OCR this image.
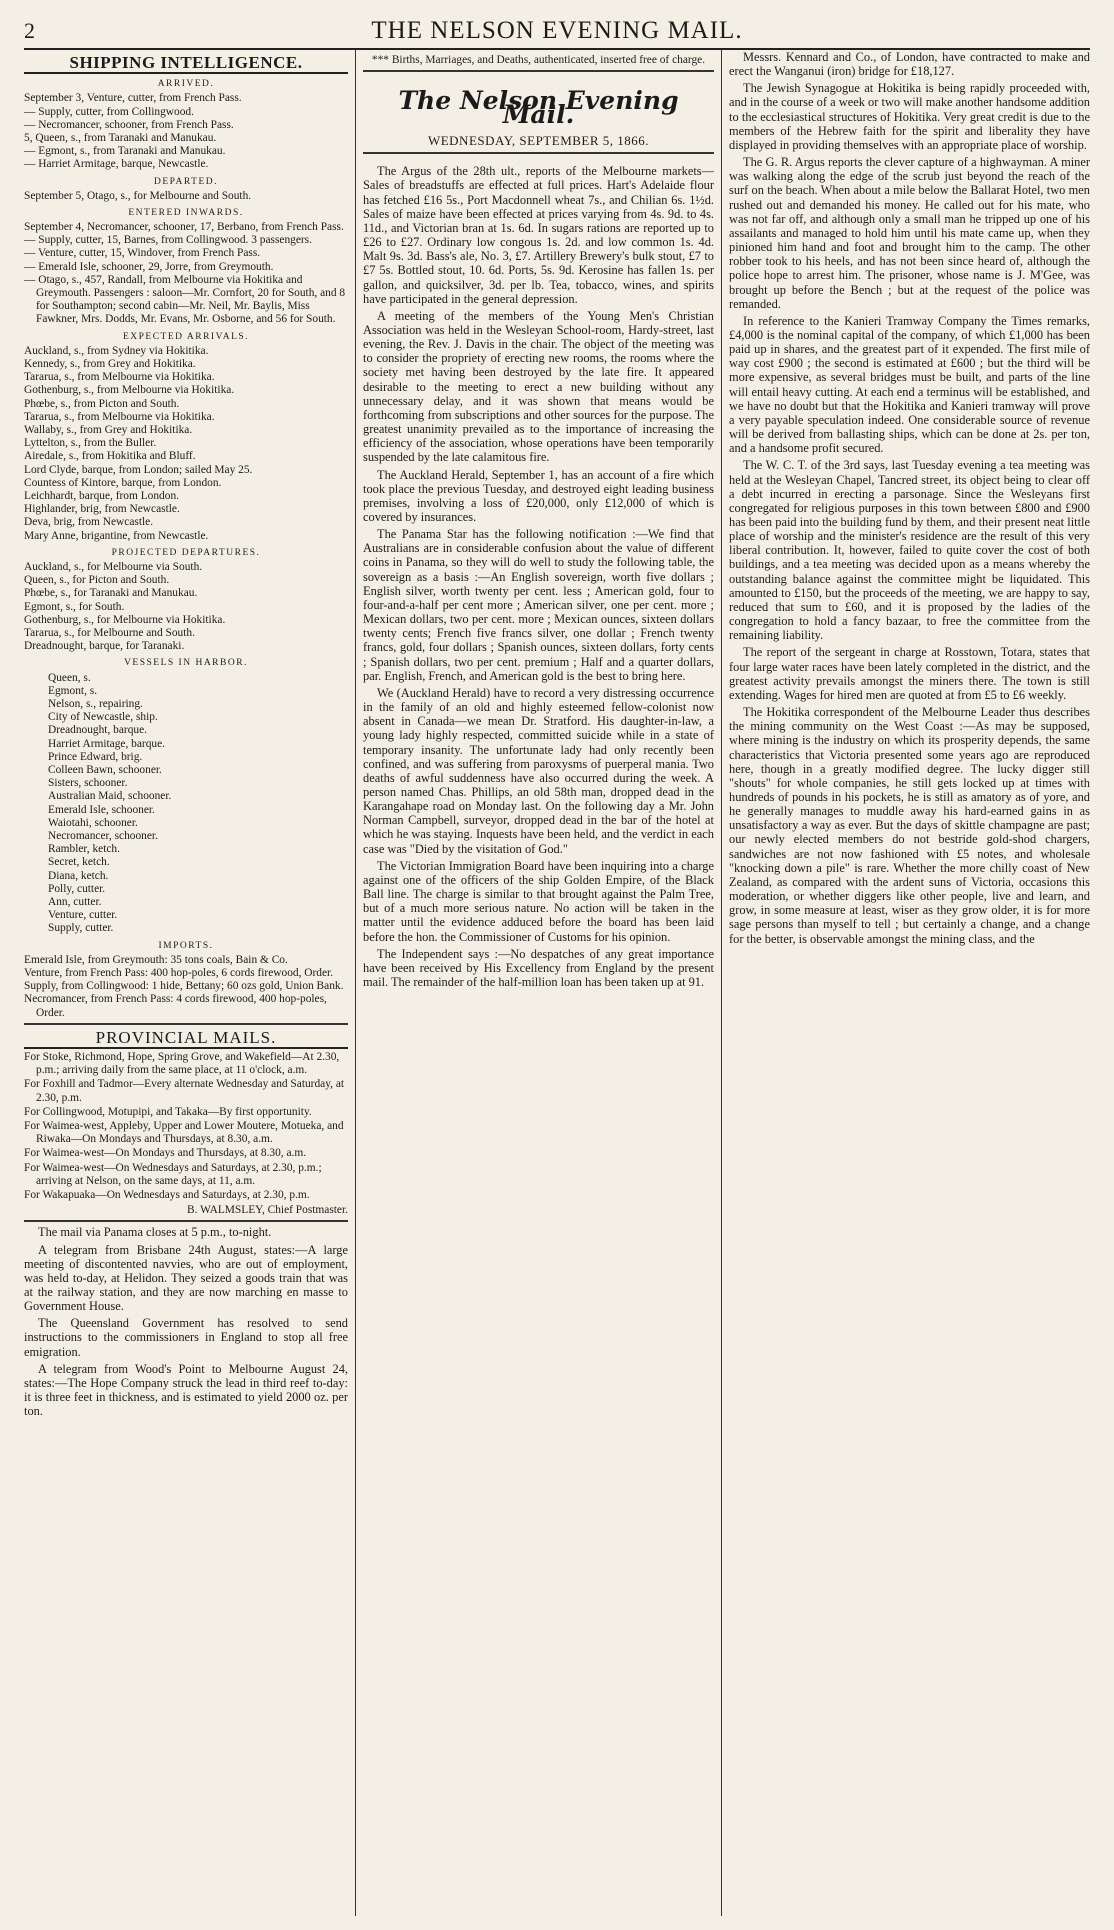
2	THE NELSON EVENING MAIL.
SHIPPING INTELLIGENCE.
ARRIVED.
September 3, Venture, cutter, from French Pass.
— Supply, cutter, from Collingwood.
— Necromancer, schooner, from French Pass.
5, Queen, s., from Taranaki and Manukau.
— Egmont, s., from Taranaki and Manukau.
— Harriet Armitage, barque, Newcastle.
DEPARTED.
September 5, Otago, s., for Melbourne and South.
ENTERED INWARDS.
September 4, Necromancer, schooner, 17, Berbano, from French Pass.
— Supply, cutter, 15, Barnes, from Collingwood. 3 passengers.
— Venture, cutter, 15, Windover, from French Pass.
— Emerald Isle, schooner, 29, Jorre, from Greymouth.
— Otago, s., 457, Randall, from Melbourne via Hokitika and Greymouth. Passengers : saloon—Mr. Cornfort, 20 for South, and 8 for Southampton; second cabin—Mr. Neil, Mr. Baylis, Miss Fawkner, Mrs. Dodds, Mr. Evans, Mr. Osborne, and 56 for South.
EXPECTED ARRIVALS.
Auckland, s., from Sydney via Hokitika.
Kennedy, s., from Grey and Hokitika.
Tararua, s., from Melbourne via Hokitika.
Gothenburg, s., from Melbourne via Hokitika.
Phœbe, s., from Picton and South.
Tararua, s., from Melbourne via Hokitika.
Wallaby, s., from Grey and Hokitika.
Lyttelton, s., from the Buller.
Airedale, s., from Hokitika and Bluff.
Lord Clyde, barque, from London; sailed May 25.
Countess of Kintore, barque, from London.
Leichhardt, barque, from London.
Highlander, brig, from Newcastle.
Deva, brig, from Newcastle.
Mary Anne, brigantine, from Newcastle.
PROJECTED DEPARTURES.
Auckland, s., for Melbourne via South.
Queen, s., for Picton and South.
Phœbe, s., for Taranaki and Manukau.
Egmont, s., for South.
Gothenburg, s., for Melbourne via Hokitika.
Tararua, s., for Melbourne and South.
Dreadnought, barque, for Taranaki.
VESSELS IN HARBOR.
Queen, s.
Egmont, s.
Nelson, s., repairing.
City of Newcastle, ship.
Dreadnought, barque.
Harriet Armitage, barque.
Prince Edward, brig.
Colleen Bawn, schooner.
Sisters, schooner.
Australian Maid, schooner.
Emerald Isle, schooner.
Waiotahi, schooner.
Necromancer, schooner.
Rambler, ketch.
Secret, ketch.
Diana, ketch.
Polly, cutter.
Ann, cutter.
Venture, cutter.
Supply, cutter.
IMPORTS.
Emerald Isle, from Greymouth: 35 tons coals, Bain & Co.
Venture, from French Pass: 400 hop-poles, 6 cords firewood, Order.
Supply, from Collingwood: 1 hide, Bettany; 60 ozs gold, Union Bank.
Necromancer, from French Pass: 4 cords firewood, 400 hop-poles, Order.
PROVINCIAL MAILS.
For Stoke, Richmond, Hope, Spring Grove, and Wakefield—At 2.30, p.m.; arriving daily from the same place, at 11 o'clock, a.m.
For Foxhill and Tadmor—Every alternate Wednesday and Saturday, at 2.30, p.m.
For Collingwood, Motupipi, and Takaka—By first opportunity.
For Waimea-west, Appleby, Upper and Lower Moutere, Motueka, and Riwaka—On Mondays and Thursdays, at 8.30, a.m.
For Waimea-west—On Mondays and Thursdays, at 8.30, a.m.
For Waimea-west—On Wednesdays and Saturdays, at 2.30, p.m.; arriving at Nelson, on the same days, at 11, a.m.
For Wakapuaka—On Wednesdays and Saturdays, at 2.30, p.m.
B. WALMSLEY, Chief Postmaster.
The mail via Panama closes at 5 p.m., to-night.
A telegram from Brisbane 24th August, states:—A large meeting of discontented navvies, who are out of employment, was held to-day, at Helidon. They seized a goods train that was at the railway station, and they are now marching en masse to Government House.
The Queensland Government has resolved to send instructions to the commissioners in England to stop all free emigration.
A telegram from Wood's Point to Melbourne August 24, states:—The Hope Company struck the lead in third reef to-day: it is three feet in thickness, and is estimated to yield 2000 oz. per ton.
*** Births, Marriages, and Deaths, authenticated, inserted free of charge.
The Nelson Evening Mail.
WEDNESDAY, SEPTEMBER 5, 1866.
The Argus of the 28th ult., reports of the Melbourne markets—Sales of breadstuffs are effected at full prices. Hart's Adelaide flour has fetched £16 5s., Port Macdonnell wheat 7s., and Chilian 6s. 1½d. Sales of maize have been effected at prices varying from 4s. 9d. to 4s. 11d., and Victorian bran at 1s. 6d. In sugars rations are reported up to £26 to £27. Ordinary low congous 1s. 2d. and low common 1s. 4d. Malt 9s. 3d. Bass's ale, No. 3, £7. Artillery Brewery's bulk stout, £7 to £7 5s. Bottled stout, 10. 6d. Ports, 5s. 9d. Kerosine has fallen 1s. per gallon, and quicksilver, 3d. per lb. Tea, tobacco, wines, and spirits have participated in the general depression.
A meeting of the members of the Young Men's Christian Association was held in the Wesleyan School-room, Hardy-street, last evening, the Rev. J. Davis in the chair. The object of the meeting was to consider the propriety of erecting new rooms, the rooms where the society met having been destroyed by the late fire. It appeared desirable to the meeting to erect a new building without any unnecessary delay, and it was shown that means would be forthcoming from subscriptions and other sources for the purpose. The greatest unanimity prevailed as to the importance of increasing the efficiency of the association, whose operations have been temporarily suspended by the late calamitous fire.
The Auckland Herald, September 1, has an account of a fire which took place the previous Tuesday, and destroyed eight leading business premises, involving a loss of £20,000, only £12,000 of which is covered by insurances.
The Panama Star has the following notification :—We find that Australians are in considerable confusion about the value of different coins in Panama, so they will do well to study the following table, the sovereign as a basis :—An English sovereign, worth five dollars ; English silver, worth twenty per cent. less ; American gold, four to four-and-a-half per cent more ; American silver, one per cent. more ; Mexican dollars, two per cent. more ; Mexican ounces, sixteen dollars twenty cents; French five francs silver, one dollar ; French twenty francs, gold, four dollars ; Spanish ounces, sixteen dollars, forty cents ; Spanish dollars, two per cent. premium ; Half and a quarter dollars, par. English, French, and American gold is the best to bring here.
We (Auckland Herald) have to record a very distressing occurrence in the family of an old and highly esteemed fellow-colonist now absent in Canada—we mean Dr. Stratford. His daughter-in-law, a young lady highly respected, committed suicide while in a state of temporary insanity. The unfortunate lady had only recently been confined, and was suffering from paroxysms of puerperal mania. Two deaths of awful suddenness have also occurred during the week. A person named Chas. Phillips, an old 58th man, dropped dead in the Karangahape road on Monday last. On the following day a Mr. John Norman Campbell, surveyor, dropped dead in the bar of the hotel at which he was staying. Inquests have been held, and the verdict in each case was "Died by the visitation of God."
The Victorian Immigration Board have been inquiring into a charge against one of the officers of the ship Golden Empire, of the Black Ball line. The charge is similar to that brought against the Palm Tree, but of a much more serious nature. No action will be taken in the matter until the evidence adduced before the board has been laid before the hon. the Commissioner of Customs for his opinion.
The Independent says :—No despatches of any great importance have been received by His Excellency from England by the present mail. The remainder of the half-million loan has been taken up at 91.
Messrs. Kennard and Co., of London, have contracted to make and erect the Wanganui (iron) bridge for £18,127.
The Jewish Synagogue at Hokitika is being rapidly proceeded with, and in the course of a week or two will make another handsome addition to the ecclesiastical structures of Hokitika. Very great credit is due to the members of the Hebrew faith for the spirit and liberality they have displayed in providing themselves with an appropriate place of worship.
The G. R. Argus reports the clever capture of a highwayman. A miner was walking along the edge of the scrub just beyond the reach of the surf on the beach. When about a mile below the Ballarat Hotel, two men rushed out and demanded his money. He called out for his mate, who was not far off, and although only a small man he tripped up one of his assailants and managed to hold him until his mate came up, when they pinioned him hand and foot and brought him to the camp. The other robber took to his heels, and has not been since heard of, although the police hope to arrest him. The prisoner, whose name is J. M'Gee, was brought up before the Bench ; but at the request of the police was remanded.
In reference to the Kanieri Tramway Company the Times remarks, £4,000 is the nominal capital of the company, of which £1,000 has been paid up in shares, and the greatest part of it expended. The first mile of way cost £900 ; the second is estimated at £600 ; but the third will be more expensive, as several bridges must be built, and parts of the line will entail heavy cutting. At each end a terminus will be established, and we have no doubt but that the Hokitika and Kanieri tramway will prove a very payable speculation indeed. One considerable source of revenue will be derived from ballasting ships, which can be done at 2s. per ton, and a handsome profit secured.
The W. C. T. of the 3rd says, last Tuesday evening a tea meeting was held at the Wesleyan Chapel, Tancred street, its object being to clear off a debt incurred in erecting a parsonage. Since the Wesleyans first congregated for religious purposes in this town between £800 and £900 has been paid into the building fund by them, and their present neat little place of worship and the minister's residence are the result of this very liberal contribution. It, however, failed to quite cover the cost of both buildings, and a tea meeting was decided upon as a means whereby the outstanding balance against the committee might be liquidated. This amounted to £150, but the proceeds of the meeting, we are happy to say, reduced that sum to £60, and it is proposed by the ladies of the congregation to hold a fancy bazaar, to free the committee from the remaining liability.
The report of the sergeant in charge at Rosstown, Totara, states that four large water races have been lately completed in the district, and the greatest activity prevails amongst the miners there. The town is still extending. Wages for hired men are quoted at from £5 to £6 weekly.
The Hokitika correspondent of the Melbourne Leader thus describes the mining community on the West Coast :—As may be supposed, where mining is the industry on which its prosperity depends, the same characteristics that Victoria presented some years ago are reproduced here, though in a greatly modified degree. The lucky digger still "shouts" for whole companies, he still gets locked up at times with hundreds of pounds in his pockets, he is still as amatory as of yore, and he generally manages to muddle away his hard-earned gains in as unsatisfactory a way as ever. But the days of skittle champagne are past; our newly elected members do not bestride gold-shod chargers, sandwiches are not now fashioned with £5 notes, and wholesale "knocking down a pile" is rare. Whether the more chilly coast of New Zealand, as compared with the ardent suns of Victoria, occasions this moderation, or whether diggers like other people, live and learn, and grow, in some measure at least, wiser as they grow older, it is for more sage persons than myself to tell ; but certainly a change, and a change for the better, is observable amongst the mining class, and the
